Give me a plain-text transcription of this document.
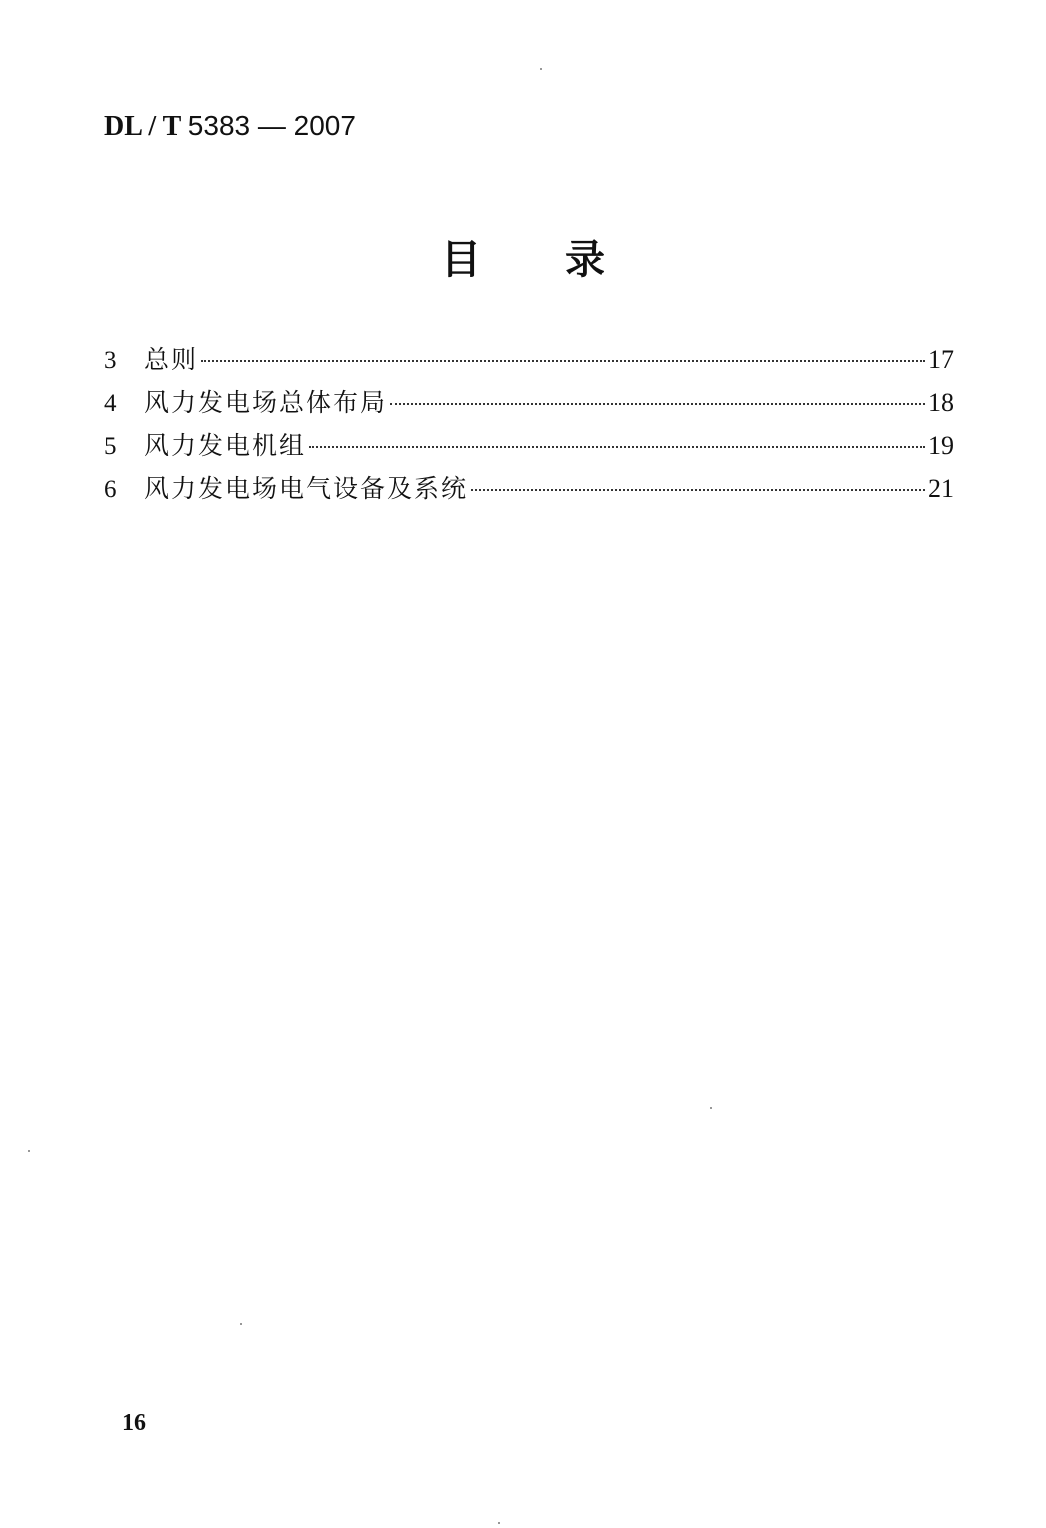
DL / T 5383 — 2007
目 录
3	总则	17
4	风力发电场总体布局	18
5	风力发电机组	19
6	风力发电场电气设备及系统	21
16
